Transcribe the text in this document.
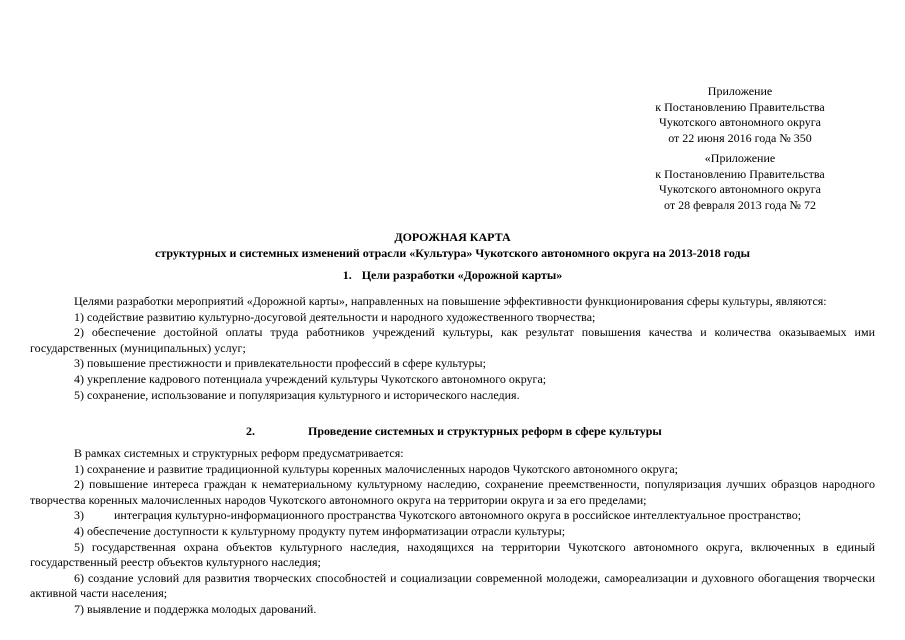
Приложение
к Постановлению Правительства
Чукотского автономного округа
от 22 июня 2016 года № 350
«Приложение
к Постановлению Правительства
Чукотского автономного округа
от 28 февраля 2013 года № 72
ДОРОЖНАЯ КАРТА
структурных и системных изменений отрасли «Культура» Чукотского автономного округа на 2013-2018 годы
1. Цели разработки «Дорожной карты»

Целями разработки мероприятий «Дорожной карты», направленных на повышение эффективности функционирования сферы культуры, являются:

1) содействие развитию культурно-досуговой деятельности и народного художественного творчества;

2) обеспечение достойной оплаты труда работников учреждений культуры, как результат повышения качества и количества оказываемых ими государственных (муниципальных) услуг;

3) повышение престижности и привлекательности профессий в сфере культуры;

4) укрепление кадрового потенциала учреждений культуры Чукотского автономного округа;

5) сохранение, использование и популяризация культурного и исторического наследия.

2.	Проведение системных и структурных реформ в сфере культуры

В рамках системных и структурных реформ предусматривается:

1) сохранение и развитие традиционной культуры коренных малочисленных народов Чукотского автономного округа;

2) повышение интереса граждан к нематериальному культурному наследию, сохранение преемственности, популяризация лучших образцов народного творчества коренных малочисленных народов Чукотского автономного округа на территории округа и за его пределами;

3)	интеграция культурно-информационного пространства Чукотского автономного округа в российское интеллектуальное пространство;

4) обеспечение доступности к культурному продукту путем информатизации отрасли культуры;

5) государственная охрана объектов культурного наследия, находящихся на территории Чукотского автономного округа, включенных в единый государственный реестр объектов культурного наследия;

6) создание условий для развития творческих способностей и социализации современной молодежи, самореализации и духовного обогащения творчески активной части населения;

7) выявление и поддержка молодых дарований.
